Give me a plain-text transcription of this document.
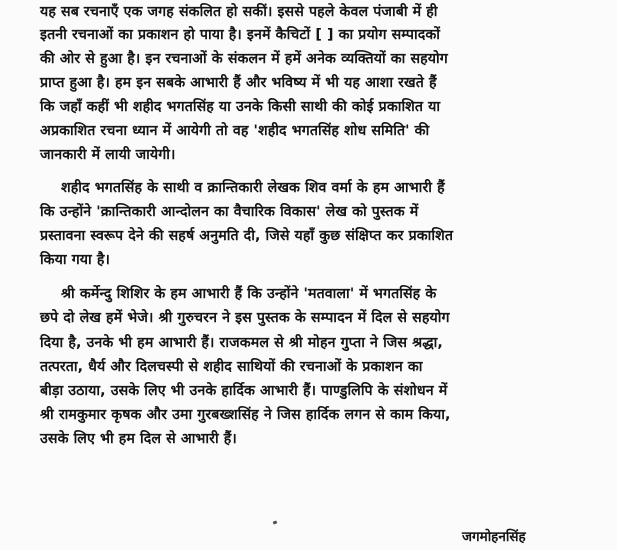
यह सब रचनाएँ एक जगह संकलित हो सकीं। इससे पहले केवल पंजाबी में ही
इतनी रचनाओं का प्रकाशन हो पाया है। इनमें कैचिटों [ ] का प्रयोग सम्पादकों
की ओर से हुआ है। इन रचनाओं के संकलन में हमें अनेक व्यक्तियों का सहयोग
प्राप्त हुआ है। हम इन सबके आभारी हैं और भविष्य में भी यह आशा रखते हैं
कि जहाँ कहीं भी शहीद भगतसिंह या उनके किसी साथी की कोई प्रकाशित या
अप्रकाशित रचना ध्यान में आयेगी तो वह 'शहीद भगतसिंह शोध समिति' की
जानकारी में लायी जायेगी।
शहीद भगतसिंह के साथी व क्रान्तिकारी लेखक शिव वर्मा के हम आभारी हैं
कि उन्होंने 'क्रान्तिकारी आन्दोलन का वैचारिक विकास' लेख को पुस्तक में
प्रस्तावना स्वरूप देने की सहर्ष अनुमति दी, जिसे यहाँ कुछ संक्षिप्त कर प्रकाशित
किया गया है।
श्री कर्मेन्दु शिशिर के हम आभारी हैं कि उन्होंने 'मतवाला' में भगतसिंह के
छपे दो लेख हमें भेजे। श्री गुरुचरन ने इस पुस्तक के सम्पादन में दिल से सहयोग
दिया है, उनके भी हम आभारी हैं। राजकमल से श्री मोहन गुप्ता ने जिस श्रद्धा,
तत्परता, धैर्य और दिलचस्पी से शहीद साथियों की रचनाओं के प्रकाशन का
बीड़ा उठाया, उसके लिए भी उनके हार्दिक आभारी हैं। पाण्डुलिपि के संशोधन में
श्री रामकुमार कृषक और उमा गुरबख्शसिंह ने जिस हार्दिक लगन से काम किया,
उसके लिए भी हम दिल से आभारी हैं।
जगमोहनसिंह
